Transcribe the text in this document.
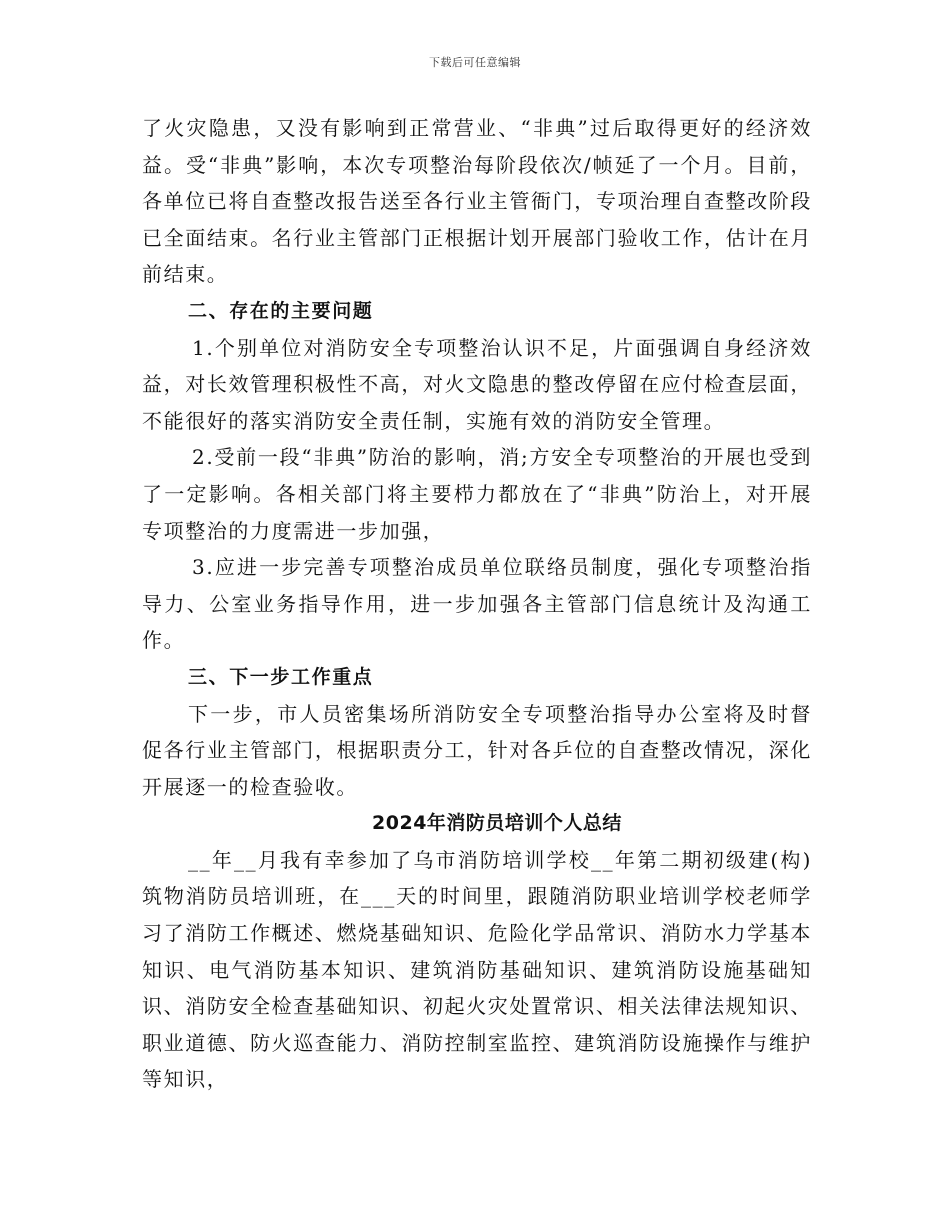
下载后可任意编辑

了火灾隐患，又没有影响到正常营业、“非典”过后取得更好的经济效益。受“非典”影响，本次专项整治每阶段依次/帧延了一个月。目前，各单位已将自查整改报告送至各行业主管衙门，专项治理自查整改阶段已全面结束。名行业主管部门正根据计划开展部门验收工作，估计在月前结束。

二、存在的主要问题

1.个别单位对消防安全专项整治认识不足，片面强调自身经济效益，对长效管理积极性不高，对火文隐患的整改停留在应付检查层面，不能很好的落实消防安全责任制，实施有效的消防安全管理。

2.受前一段“非典”防治的影响，消;方安全专项整治的开展也受到了一定影响。各相关部门将主要栉力都放在了“非典”防治上，对开展专项整治的力度需进一步加强，

3.应进一步完善专项整治成员单位联络员制度，强化专项整治指导力、公室业务指导作用，进一步加强各主管部门信息统计及沟通工作。

三、下一步工作重点

下一步，市人员密集场所消防安全专项整治指导办公室将及时督促各行业主管部门，根据职责分工，针对各乒位的自查整改情况，深化开展逐一的检查验收。

2024年消防员培训个人总结

__年__月我有幸参加了乌市消防培训学校__年第二期初级建(构)筑物消防员培训班，在___天的时间里，跟随消防职业培训学校老师学习了消防工作概述、燃烧基础知识、危险化学品常识、消防水力学基本知识、电气消防基本知识、建筑消防基础知识、建筑消防设施基础知识、消防安全检查基础知识、初起火灾处置常识、相关法律法规知识、职业道德、防火巡查能力、消防控制室监控、建筑消防设施操作与维护等知识，
